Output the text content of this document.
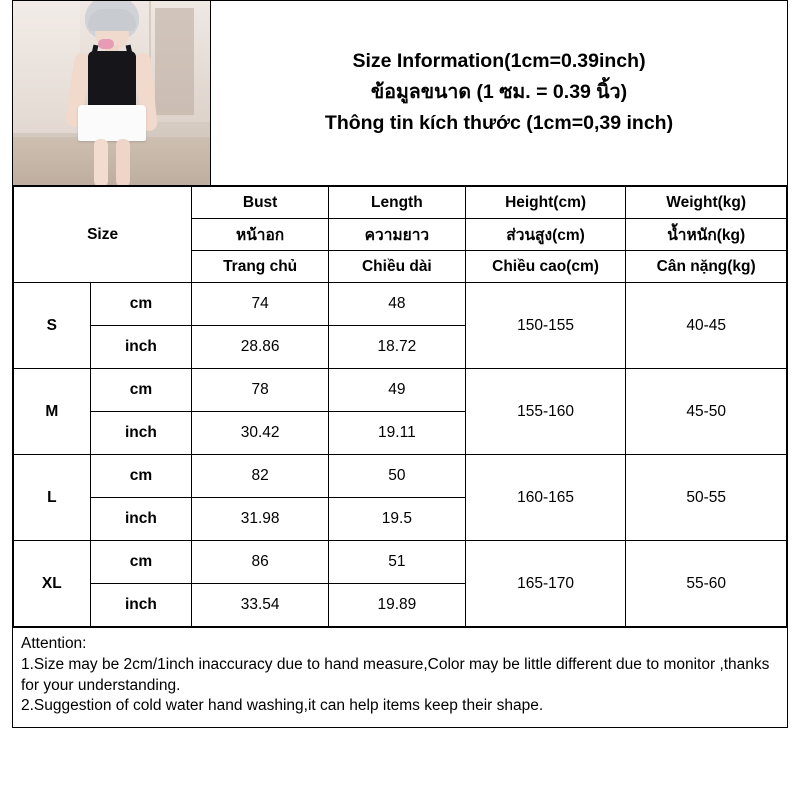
Size Information(1cm=0.39inch)
ข้อมูลขนาด (1 ซม. = 0.39 นิ้ว)
Thông tin kích thước (1cm=0,39 inch)
Size		Bust	Length	Height(cm)	Weight(kg)
		หน้าอก	ความยาว	ส่วนสูง(cm)	น้ำหนัก(kg)
		Trang chủ	Chiều dài	Chiều cao(cm)	Cân nặng(kg)
S	cm	74	48	150-155	40-45
	inch	28.86	18.72		
M	cm	78	49	155-160	45-50
	inch	30.42	19.11		
L	cm	82	50	160-165	50-55
	inch	31.98	19.5		
XL	cm	86	51	165-170	55-60
	inch	33.54	19.89		

Attention:

1.Size may be 2cm/1inch inaccuracy due to hand measure,Color may be little different due to monitor ,thanks for your understanding.

2.Suggestion of cold water hand washing,it can help items keep their shape.
